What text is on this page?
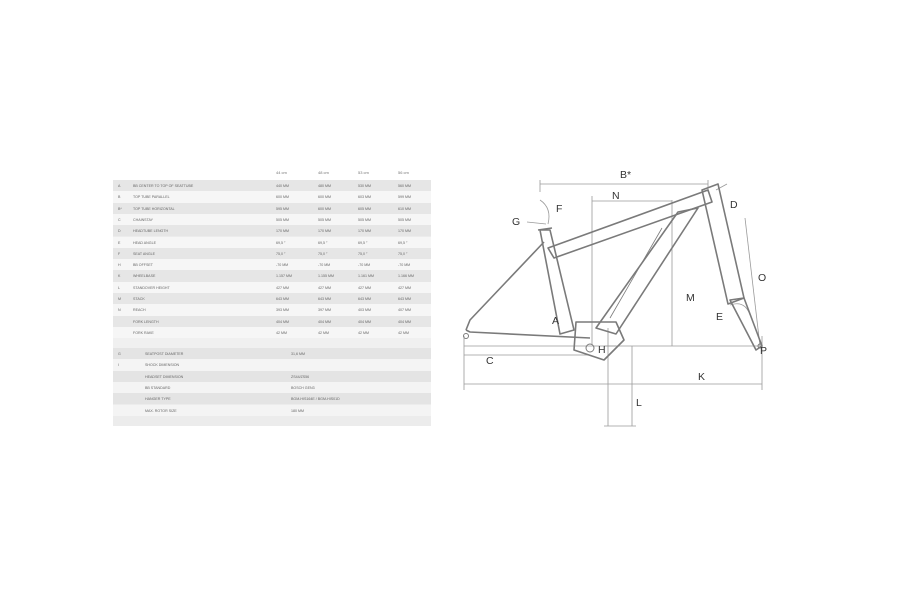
44 cm	48 cm	53 cm	56 cm
A	BB CENTER TO TOP OF SEATTUBE	440 MM	480 MM	530 MM	560 MM
B	TOP TUBE PARALLEL	600 MM	600 MM	603 MM	599 MM
B*	TOP TUBE HORIZONTAL	595 MM	600 MM	605 MM	610 MM
C	CHAINSTAY	505 MM	505 MM	505 MM	505 MM
D	HEADTUBE LENGTH	170 MM	170 MM	170 MM	170 MM
E	HEAD ANGLE	69,5 °	69,5 °	69,5 °	69,5 °
F	SEAT ANGLE	75,0 °	75,0 °	75,0 °	75,0 °
H	BB OFFSET	-70 MM	-70 MM	-70 MM	-70 MM
K	WHEELBASE	1.157 MM	1.155 MM	1.161 MM	1.166 MM
L	STANDOVER HEIGHT	427 MM	427 MM	427 MM	427 MM
M	STACK	643 MM	643 MM	643 MM	643 MM
N	REACH	393 MM	397 MM	403 MM	407 MM
FORK LENGTH	404 MM	404 MM	404 MM	404 MM
FORK RAKE	42 MM	42 MM	42 MM	42 MM
G	SEATPOST DIAMETER	31,6 MM
I	SHOCK DIMENSION
HEADSET DIMENSION	ZS44/ZS56
BB STANDARD	BOSCH GEN3
HANGER TYPE	BGM-HIS164E / BGM-HIS01D
MAX. ROTOR SIZE	180 MM
B*
N
D
G
F
O
M
A	E
C
H	P
K
L
